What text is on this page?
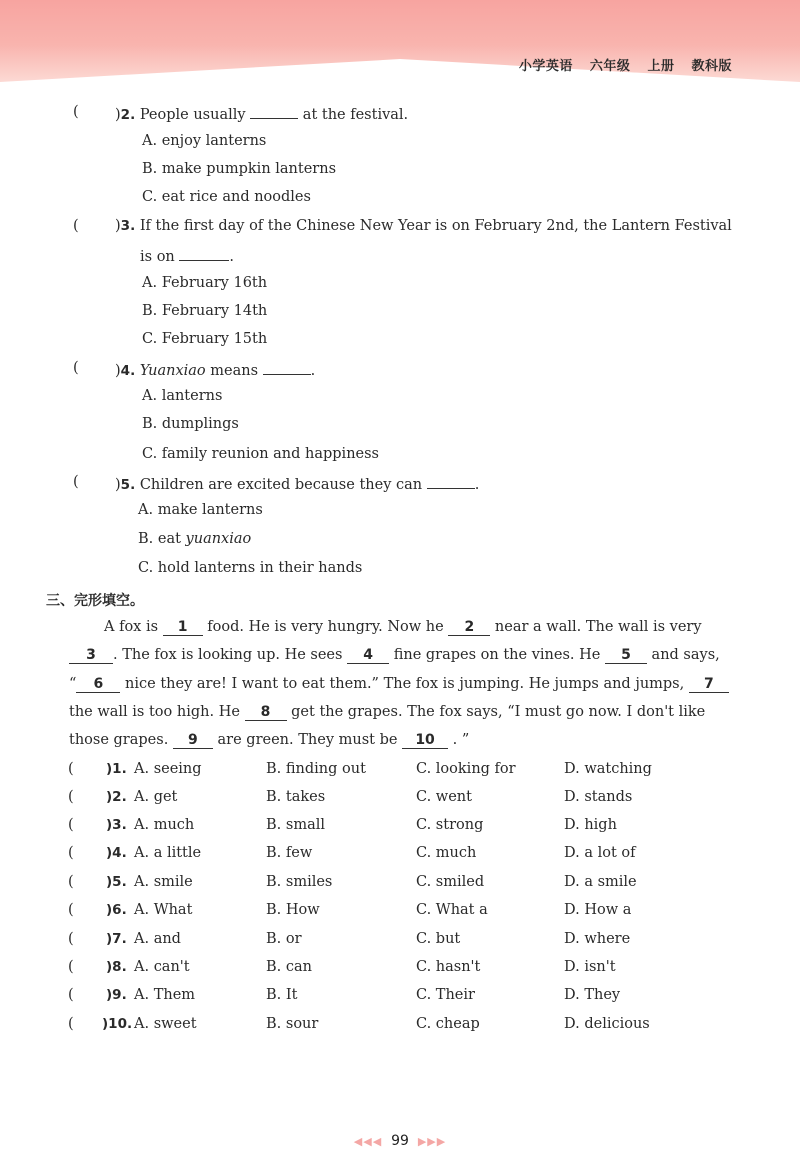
小学英语 六年级 上册 教科版
(	)2. People usually	at the festival.
A. enjoy lanterns
B. make pumpkin lanterns
C. eat rice and noodles
(	)3. If the first day of the Chinese New Year is on February 2nd, the Lantern Festival
is on	.
A. February 16th
B. February 14th
C. February 15th
(	)4. Yuanxiao means	.
A. lanterns
B. dumplings
C. family reunion and happiness
(	)5. Children are excited because they can	.
A. make lanterns
B. eat yuanxiao
C. hold lanterns in their hands
三、完形填空。
A fox is 1 food. He is very hungry. Now he 2 near a wall. The wall is very
3 . The fox is looking up. He sees 4 fine grapes on the vines. He 5 and says,
“ 6 nice they are! I want to eat them.” The fox is jumping. He jumps and jumps, 7
the wall is too high. He 8 get the grapes. The fox says, “I must go now. I don't like
those grapes. 9 are green. They must be 10 . ”
( )1. A. seeing	B. finding out	C. looking for	D. watching
( )2. A. get	B. takes	C. went	D. stands
( )3. A. much	B. small	C. strong	D. high
( )4. A. a little	B. few	C. much	D. a lot of
( )5. A. smile	B. smiles	C. smiled	D. a smile
( )6. A. What	B. How	C. What a	D. How a
( )7. A. and	B. or	C. but	D. where
( )8. A. can't	B. can	C. hasn't	D. isn't
( )9. A. Them	B. It	C. Their	D. They
( )10. A. sweet	B. sour	C. cheap	D. delicious
◀◀◀ 99 ▶▶▶
